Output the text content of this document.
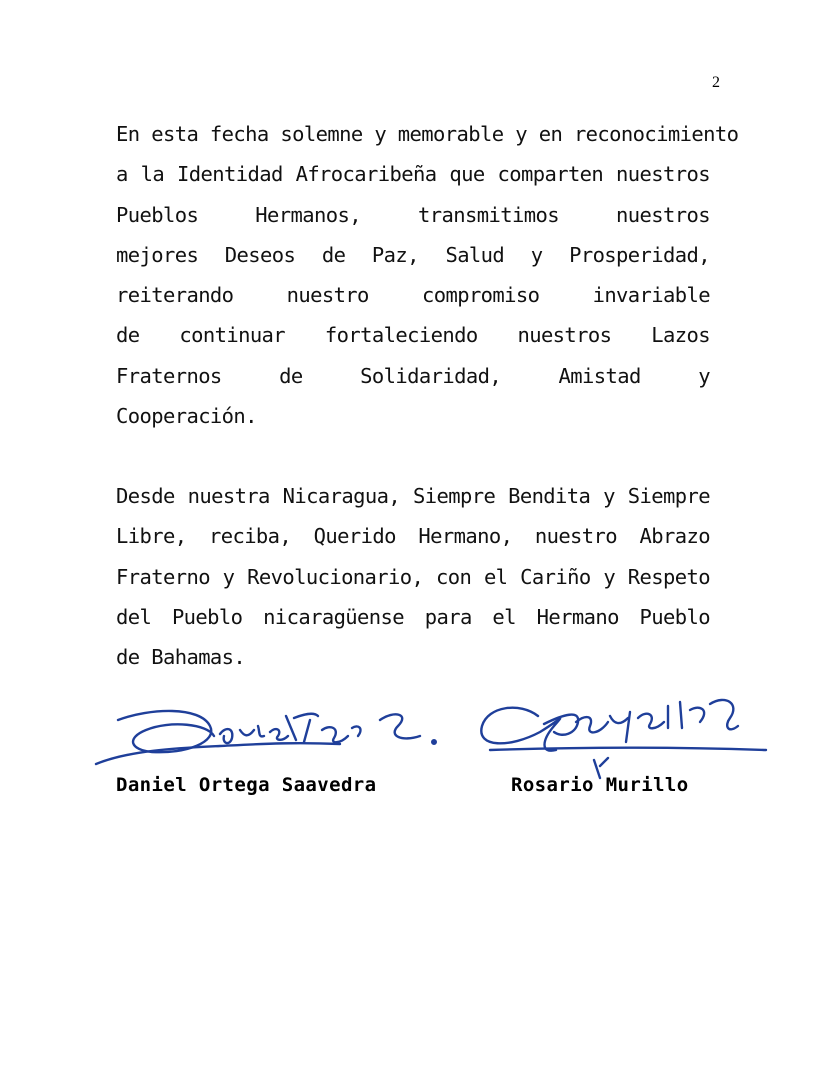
2
En esta fecha solemne y memorable y en reconocimiento
a la Identidad Afrocaribeña que comparten nuestros
Pueblos Hermanos, transmitimos nuestros
mejores Deseos de Paz, Salud y Prosperidad,
reiterando nuestro compromiso invariable
de continuar fortaleciendo nuestros Lazos
Fraternos de Solidaridad, Amistad y
Cooperación.
Desde nuestra Nicaragua, Siempre Bendita y Siempre
Libre, reciba, Querido Hermano, nuestro Abrazo
Fraterno y Revolucionario, con el Cariño y Respeto
del Pueblo nicaragüense para el Hermano Pueblo
de Bahamas.
Daniel Ortega Saavedra	Rosario Murillo
